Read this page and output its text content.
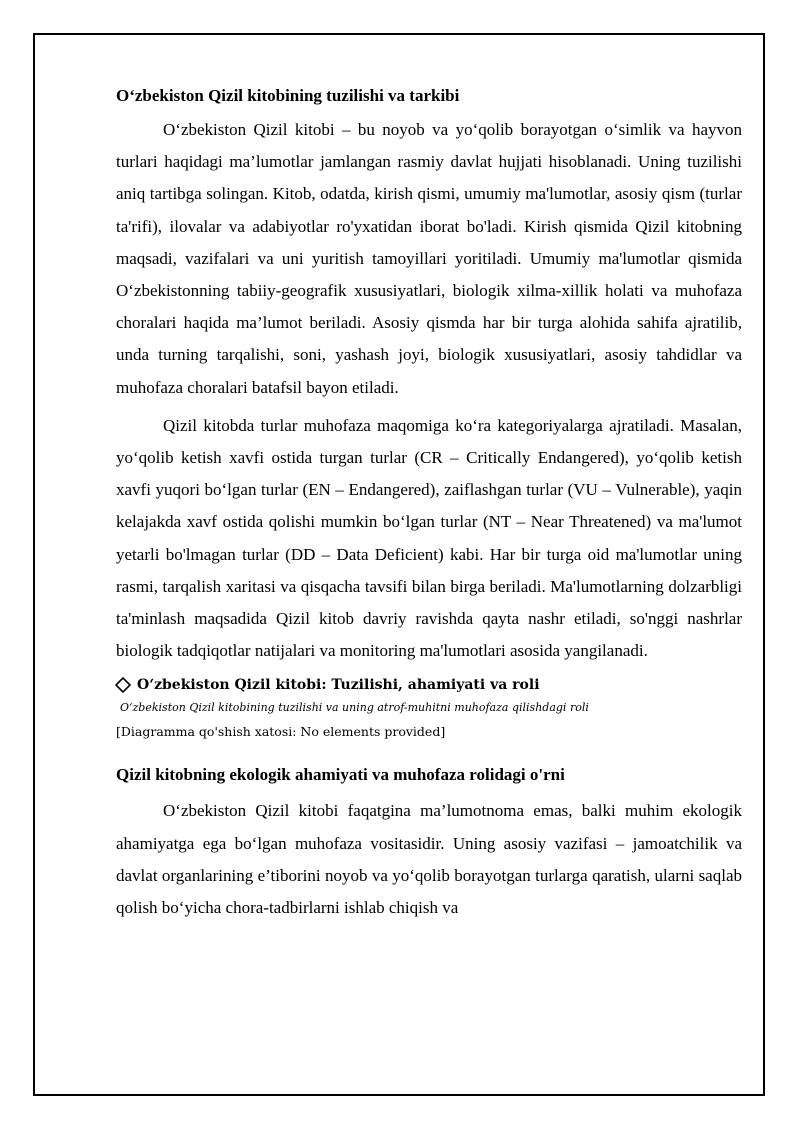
O‘zbekiston Qizil kitobining tuzilishi va tarkibi

O‘zbekiston Qizil kitobi – bu noyob va yo‘qolib borayotgan o‘simlik va hayvon turlari haqidagi ma’lumotlar jamlangan rasmiy davlat hujjati hisoblanadi. Uning tuzilishi aniq tartibga solingan. Kitob, odatda, kirish qismi, umumiy ma'lumotlar, asosiy qism (turlar ta'rifi), ilovalar va adabiyotlar ro'yxatidan iborat bo'ladi. Kirish qismida Qizil kitobning maqsadi, vazifalari va uni yuritish tamoyillari yoritiladi. Umumiy ma'lumotlar qismida O‘zbekistonning tabiiy-geografik xususiyatlari, biologik xilma-xillik holati va muhofaza choralari haqida ma’lumot beriladi. Asosiy qismda har bir turga alohida sahifa ajratilib, unda turning tarqalishi, soni, yashash joyi, biologik xususiyatlari, asosiy tahdidlar va muhofaza choralari batafsil bayon etiladi.

Qizil kitobda turlar muhofaza maqomiga ko‘ra kategoriyalarga ajratiladi. Masalan, yo‘qolib ketish xavfi ostida turgan turlar (CR – Critically Endangered), yo‘qolib ketish xavfi yuqori bo‘lgan turlar (EN – Endangered), zaiflashgan turlar (VU – Vulnerable), yaqin kelajakda xavf ostida qolishi mumkin bo‘lgan turlar (NT – Near Threatened) va ma'lumot yetarli bo'lmagan turlar (DD – Data Deficient) kabi. Har bir turga oid ma'lumotlar uning rasmi, tarqalish xaritasi va qisqacha tavsifi bilan birga beriladi. Ma'lumotlarning dolzarbligi ta'minlash maqsadida Qizil kitob davriy ravishda qayta nashr etiladi, so'nggi nashrlar biologik tadqiqotlar natijalari va monitoring ma'lumotlari asosida yangilanadi.

O‘zbekiston Qizil kitobi: Tuzilishi, ahamiyati va roli
O‘zbekiston Qizil kitobining tuzilishi va uning atrof-muhitni muhofaza qilishdagi roli
[Diagramma qo'shish xatosi: No elements provided]
Qizil kitobning ekologik ahamiyati va muhofaza rolidagi o'rni

O‘zbekiston Qizil kitobi faqatgina ma’lumotnoma emas, balki muhim ekologik ahamiyatga ega bo‘lgan muhofaza vositasidir. Uning asosiy vazifasi – jamoatchilik va davlat organlarining e’tiborini noyob va yo‘qolib borayotgan turlarga qaratish, ularni saqlab qolish bo‘yicha chora-tadbirlarni ishlab chiqish va
